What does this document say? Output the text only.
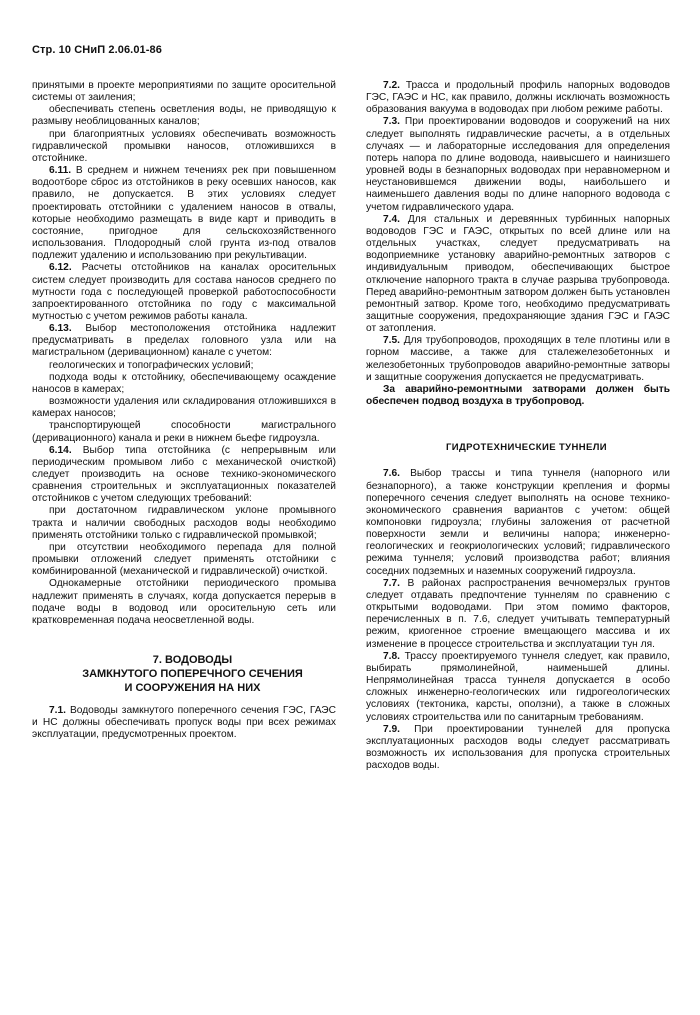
Стр. 10 СНиП 2.06.01-86

принятыми в проекте мероприятиями по защите оросительной системы от заиления;

обеспечивать степень осветления воды, не приводящую к размыву необлицованных каналов;

при благоприятных условиях обеспечивать возможность гидравлической промывки наносов, отложившихся в отстойнике.

6.11. В среднем и нижнем течениях рек при повышенном водоотборе сброс из отстойников в реку осевших наносов, как правило, не допускается. В этих условиях следует проектировать отстойники с удалением наносов в отвалы, которые необходимо размещать в виде карт и приводить в состояние, пригодное для сельскохозяйственного использования. Плодородный слой грунта из-под отвалов подлежит удалению и использованию при рекультивации.

6.12. Расчеты отстойников на каналах оросительных систем следует производить для состава наносов среднего по мутности года с последующей проверкой работоспособности запроектированного отстойника по году с максимальной мутностью с учетом режимов работы канала.

6.13. Выбор местоположения отстойника надлежит предусматривать в пределах головного узла или на магистральном (деривационном) канале с учетом:

геологических и топографических условий;

подхода воды к отстойнику, обеспечивающему осаждение наносов в камерах;

возможности удаления или складирования отложившихся в камерах наносов;

транспортирующей способности магистрального (деривационного) канала и реки в нижнем бьефе гидроузла.

6.14. Выбор типа отстойника (с непрерывным или периодическим промывом либо с механической очисткой) следует производить на основе технико-экономического сравнения строительных и эксплуатационных показателей отстойников с учетом следующих требований:

при достаточном гидравлическом уклоне промывного тракта и наличии свободных расходов воды необходимо применять отстойники только с гидравлической промывкой;

при отсутствии необходимого перепада для полной промывки отложений следует применять отстойники с комбинированной (механической и гидравлической) очисткой.

Однокамерные отстойники периодического промыва надлежит применять в случаях, когда допускается перерыв в подаче воды в водовод или оросительную сеть или кратковременная подача неосветленной воды.

7. ВОДОВОДЫ

ЗАМКНУТОГО ПОПЕРЕЧНОГО СЕЧЕНИЯ

И СООРУЖЕНИЯ НА НИХ

7.1. Водоводы замкнутого поперечного сечения ГЭС, ГАЭС и НС должны обеспечивать пропуск воды при всех режимах эксплуатации, предусмотренных проектом.

7.2. Трасса и продольный профиль напорных водоводов ГЭС, ГАЭС и НС, как правило, должны исключать возможность образования вакуума в водоводах при любом режиме работы.

7.3. При проектировании водоводов и сооружений на них следует выполнять гидравлические расчеты, а в отдельных случаях — и лабораторные исследования для определения потерь напора по длине водовода, наивысшего и наинизшего уровней воды в безнапорных водоводах при неравномерном и неустановившемся движении воды, наибольшего и наименьшего давления воды по длине напорного водовода с учетом гидравлического удара.

7.4. Для стальных и деревянных турбинных напорных водоводов ГЭС и ГАЭС, открытых по всей длине или на отдельных участках, следует предусматривать на водоприемнике установку аварийно-ремонтных затворов с индивидуальным приводом, обеспечивающих быстрое отключение напорного тракта в случае разрыва трубопровода. Перед аварийно-ремонтным затвором должен быть установлен ремонтный затвор. Кроме того, необходимо предусматривать защитные сооружения, предохраняющие здания ГЭС и ГАЭС от затопления.

7.5. Для трубопроводов, проходящих в теле плотины или в горном массиве, а также для сталежелезобетонных и железобетонных трубопроводов аварийно-ремонтные затворы и защитные сооружения допускается не предусматривать.

За аварийно-ремонтными затворами должен быть обеспечен подвод воздуха в трубопровод.

ГИДРОТЕХНИЧЕСКИЕ ТУННЕЛИ

7.6. Выбор трассы и типа туннеля (напорного или безнапорного), а также конструкции крепления и формы поперечного сечения следует выполнять на основе технико-экономического сравнения вариантов с учетом: общей компоновки гидроузла; глубины заложения от расчетной поверхности земли и величины напора; инженерно-геологических и геокриологических условий; гидравлического режима туннеля; условий производства работ; влияния соседних подземных и наземных сооружений гидроузла.

7.7. В районах распространения вечномерзлых грунтов следует отдавать предпочтение туннелям по сравнению с открытыми водоводами. При этом помимо факторов, перечисленных в п. 7.6, следует учитывать температурный режим, криогенное строение вмещающего массива и их изменение в процессе строительства и эксплуатации тун ля.

7.8. Трассу проектируемого туннеля следует, как правило, выбирать прямолинейной, наименьшей длины. Непрямолинейная трасса туннеля допускается в особо сложных инженерно-геологических или гидрогеологических условиях (тектоника, карсты, оползни), а также в сложных условиях строительства или по санитарным требованиям.

7.9. При проектировании туннелей для пропуска эксплуатационных расходов воды следует рассматривать возможность их использования для пропуска строительных расходов воды.
